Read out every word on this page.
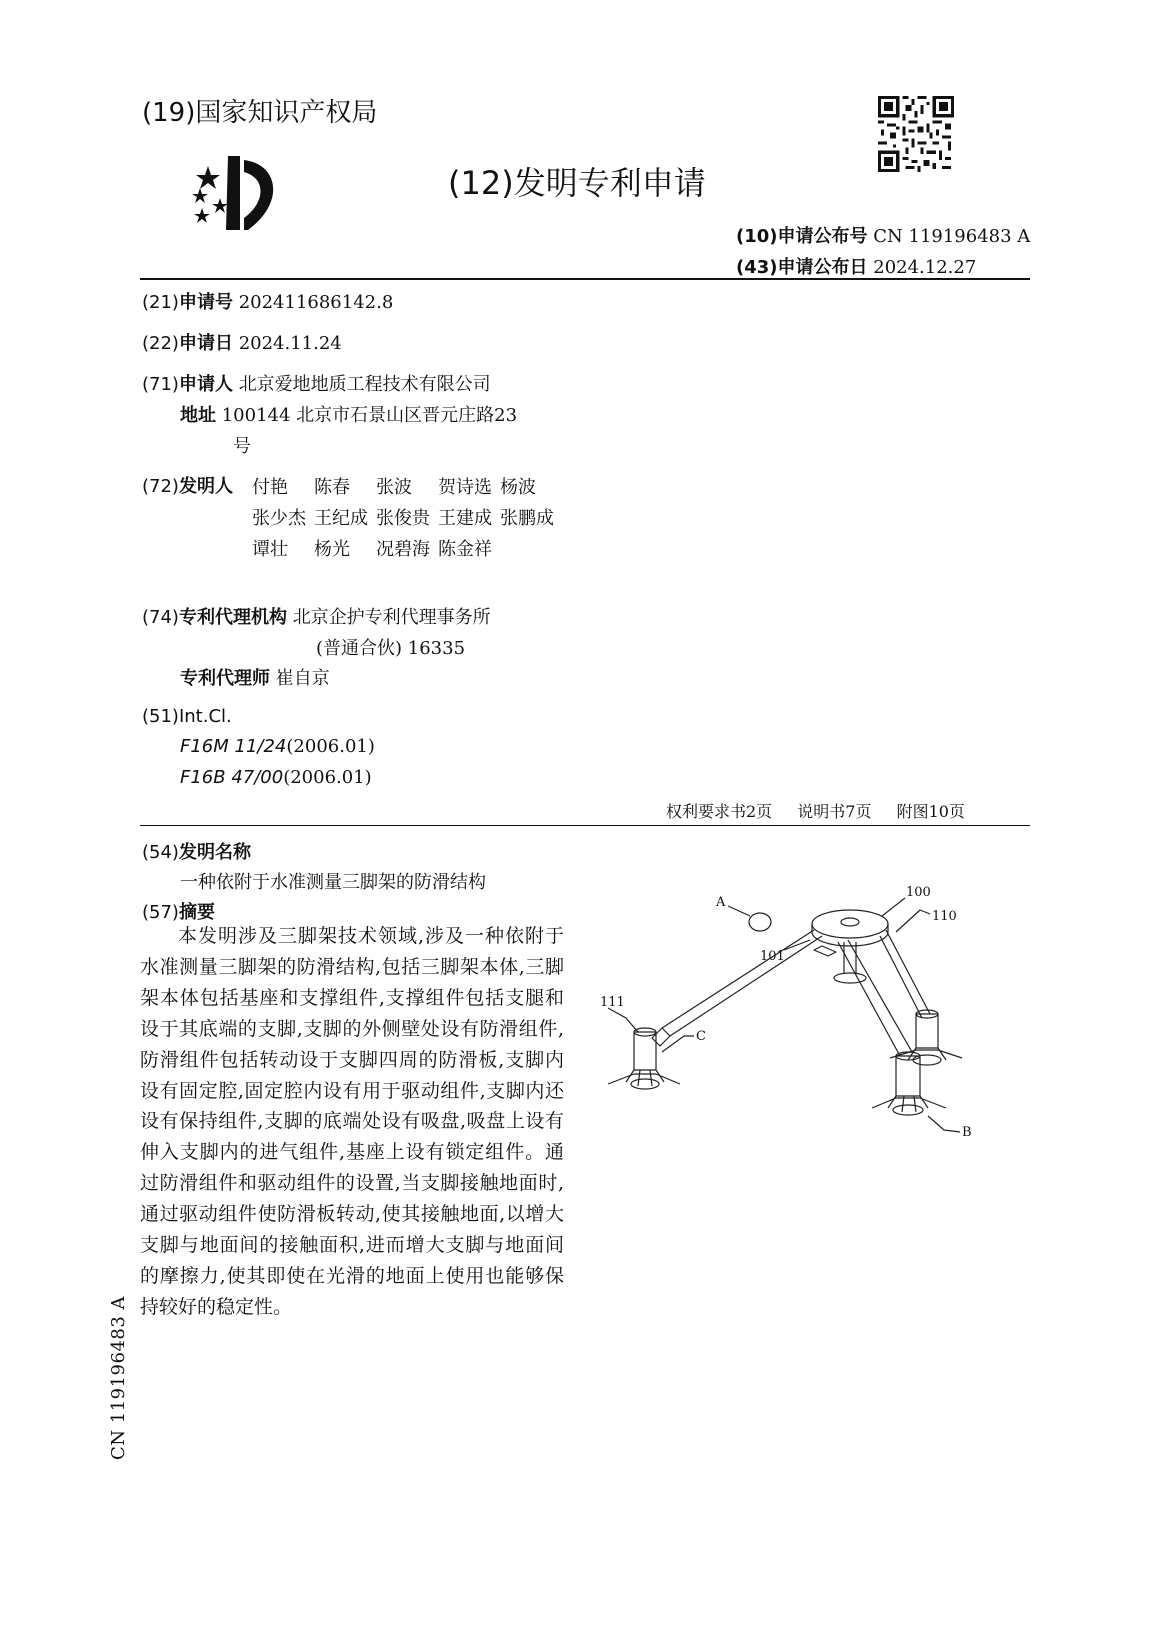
(19)国家知识产权局
(12)发明专利申请
(10)申请公布号 CN 119196483 A
(43)申请公布日 2024.12.27
(21)申请号 202411686142.8
(22)申请日 2024.11.24
(71)申请人 北京爱地地质工程技术有限公司
地址 100144 北京市石景山区晋元庄路23
号
(72)发明人 付艳	陈春	张波	贺诗选 杨波
张少杰 王纪成 张俊贵 王建成 张鹏成
谭壮	杨光	况碧海 陈金祥
(74)专利代理机构 北京企护专利代理事务所
(普通合伙) 16335
专利代理师 崔自京
(51)Int.Cl.
F16M 11/24(2006.01)
F16B 47/00(2006.01)
权利要求书2页 说明书7页 附图10页
(54)发明名称
一种依附于水准测量三脚架的防滑结构
(57)摘要

本发明涉及三脚架技术领域,涉及一种依附于水准测量三脚架的防滑结构,包括三脚架本体,三脚架本体包括基座和支撑组件,支撑组件包括支腿和设于其底端的支脚,支脚的外侧壁处设有防滑组件,防滑组件包括转动设于支脚四周的防滑板,支脚内设有固定腔,固定腔内设有用于驱动组件,支脚内还设有保持组件,支脚的底端处设有吸盘,吸盘上设有伸入支脚内的进气组件,基座上设有锁定组件。通过防滑组件和驱动组件的设置,当支脚接触地面时,通过驱动组件使防滑板转动,使其接触地面,以增大支脚与地面间的接触面积,进而增大支脚与地面间的摩擦力,使其即使在光滑的地面上使用也能够保持较好的稳定性。

CN 119196483 A
100
110
A
101
111
C
B
